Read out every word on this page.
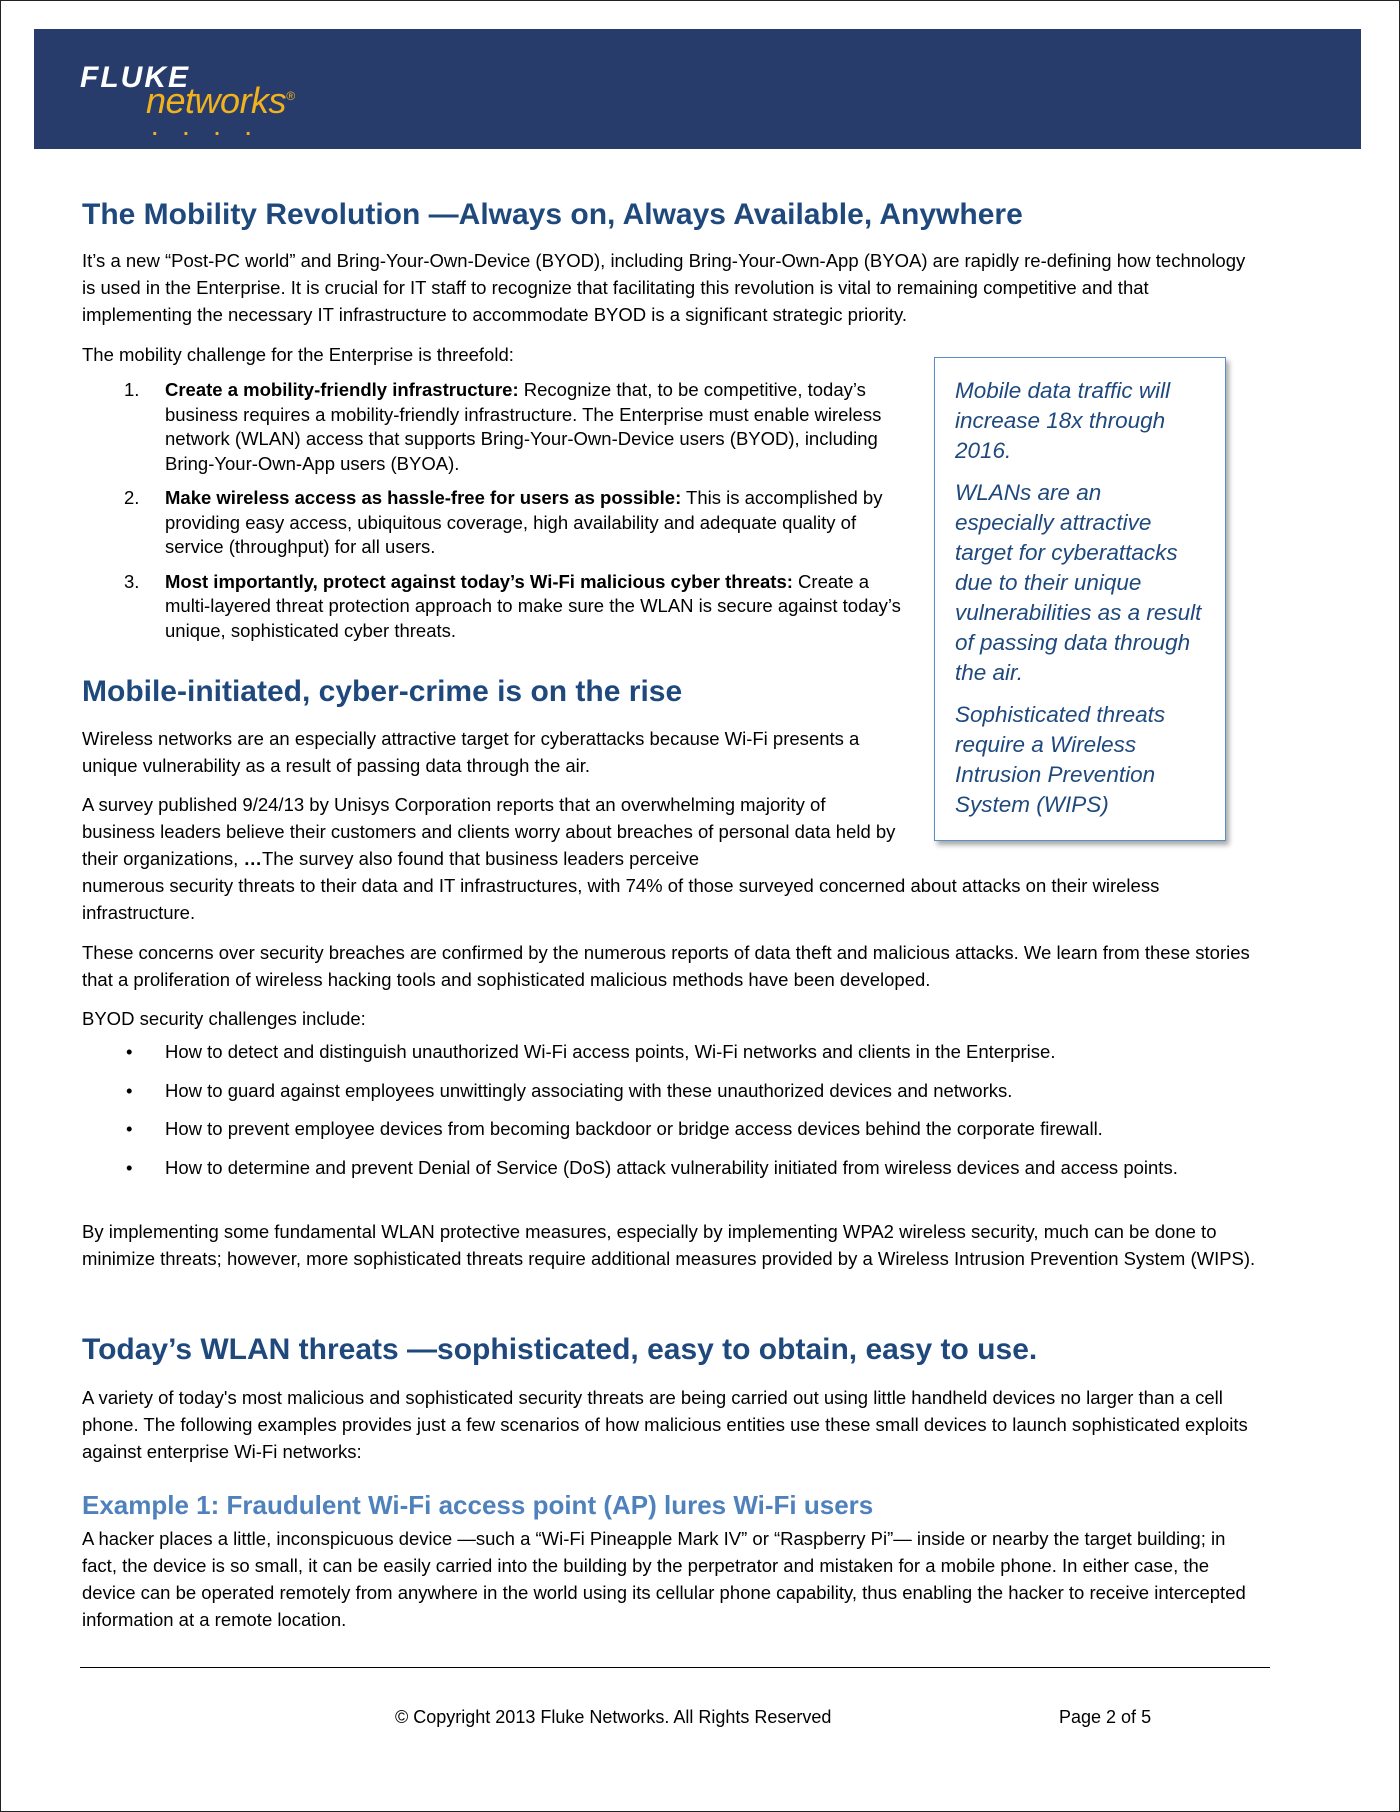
FLUKE
networks®
. . . .
The Mobility Revolution —Always on, Always Available, Anywhere

It’s a new “Post-PC world” and Bring-Your-Own-Device (BYOD), including Bring-Your-Own-App (BYOA) are rapidly re-defining how technology is used in the Enterprise. It is crucial for IT staff to recognize that facilitating this revolution is vital to remaining competitive and that implementing the necessary IT infrastructure to accommodate BYOD is a significant strategic priority.

The mobility challenge for the Enterprise is threefold:

1. Create a mobility-friendly infrastructure: Recognize that, to be competitive, today’s business requires a mobility-friendly infrastructure. The Enterprise must enable wireless network (WLAN) access that supports Bring-Your-Own-Device users (BYOD), including Bring-Your-Own-App users (BYOA).
2. Make wireless access as hassle-free for users as possible: This is accomplished by providing easy access, ubiquitous coverage, high availability and adequate quality of service (throughput) for all users.
3. Most importantly, protect against today’s Wi-Fi malicious cyber threats: Create a multi-layered threat protection approach to make sure the WLAN is secure against today’s unique, sophisticated cyber threats.

Mobile data traffic will increase 18x through 2016.

WLANs are an especially attractive target for cyberattacks due to their unique vulnerabilities as a result of passing data through the air.

Sophisticated threats require a Wireless Intrusion Prevention System (WIPS)

Mobile-initiated, cyber-crime is on the rise

Wireless networks are an especially attractive target for cyberattacks because Wi-Fi presents a unique vulnerability as a result of passing data through the air.

A survey published 9/24/13 by Unisys Corporation reports that an overwhelming majority of business leaders believe their customers and clients worry about breaches of personal data held by their organizations, …The survey also found that business leaders perceive

numerous security threats to their data and IT infrastructures, with 74% of those surveyed concerned about attacks on their wireless infrastructure.

These concerns over security breaches are confirmed by the numerous reports of data theft and malicious attacks. We learn from these stories that a proliferation of wireless hacking tools and sophisticated malicious methods have been developed.

BYOD security challenges include:

• How to detect and distinguish unauthorized Wi-Fi access points, Wi-Fi networks and clients in the Enterprise.
• How to guard against employees unwittingly associating with these unauthorized devices and networks.
• How to prevent employee devices from becoming backdoor or bridge access devices behind the corporate firewall.
• How to determine and prevent Denial of Service (DoS) attack vulnerability initiated from wireless devices and access points.

By implementing some fundamental WLAN protective measures, especially by implementing WPA2 wireless security, much can be done to minimize threats; however, more sophisticated threats require additional measures provided by a Wireless Intrusion Prevention System (WIPS).

Today’s WLAN threats —sophisticated, easy to obtain, easy to use.

A variety of today's most malicious and sophisticated security threats are being carried out using little handheld devices no larger than a cell phone. The following examples provides just a few scenarios of how malicious entities use these small devices to launch sophisticated exploits against enterprise Wi-Fi networks:

Example 1: Fraudulent Wi-Fi access point (AP) lures Wi-Fi users

A hacker places a little, inconspicuous device —such a “Wi-Fi Pineapple Mark IV” or “Raspberry Pi”— inside or nearby the target building; in fact, the device is so small, it can be easily carried into the building by the perpetrator and mistaken for a mobile phone. In either case, the device can be operated remotely from anywhere in the world using its cellular phone capability, thus enabling the hacker to receive intercepted information at a remote location.

© Copyright 2013 Fluke Networks. All Rights Reserved	Page 2 of 5
